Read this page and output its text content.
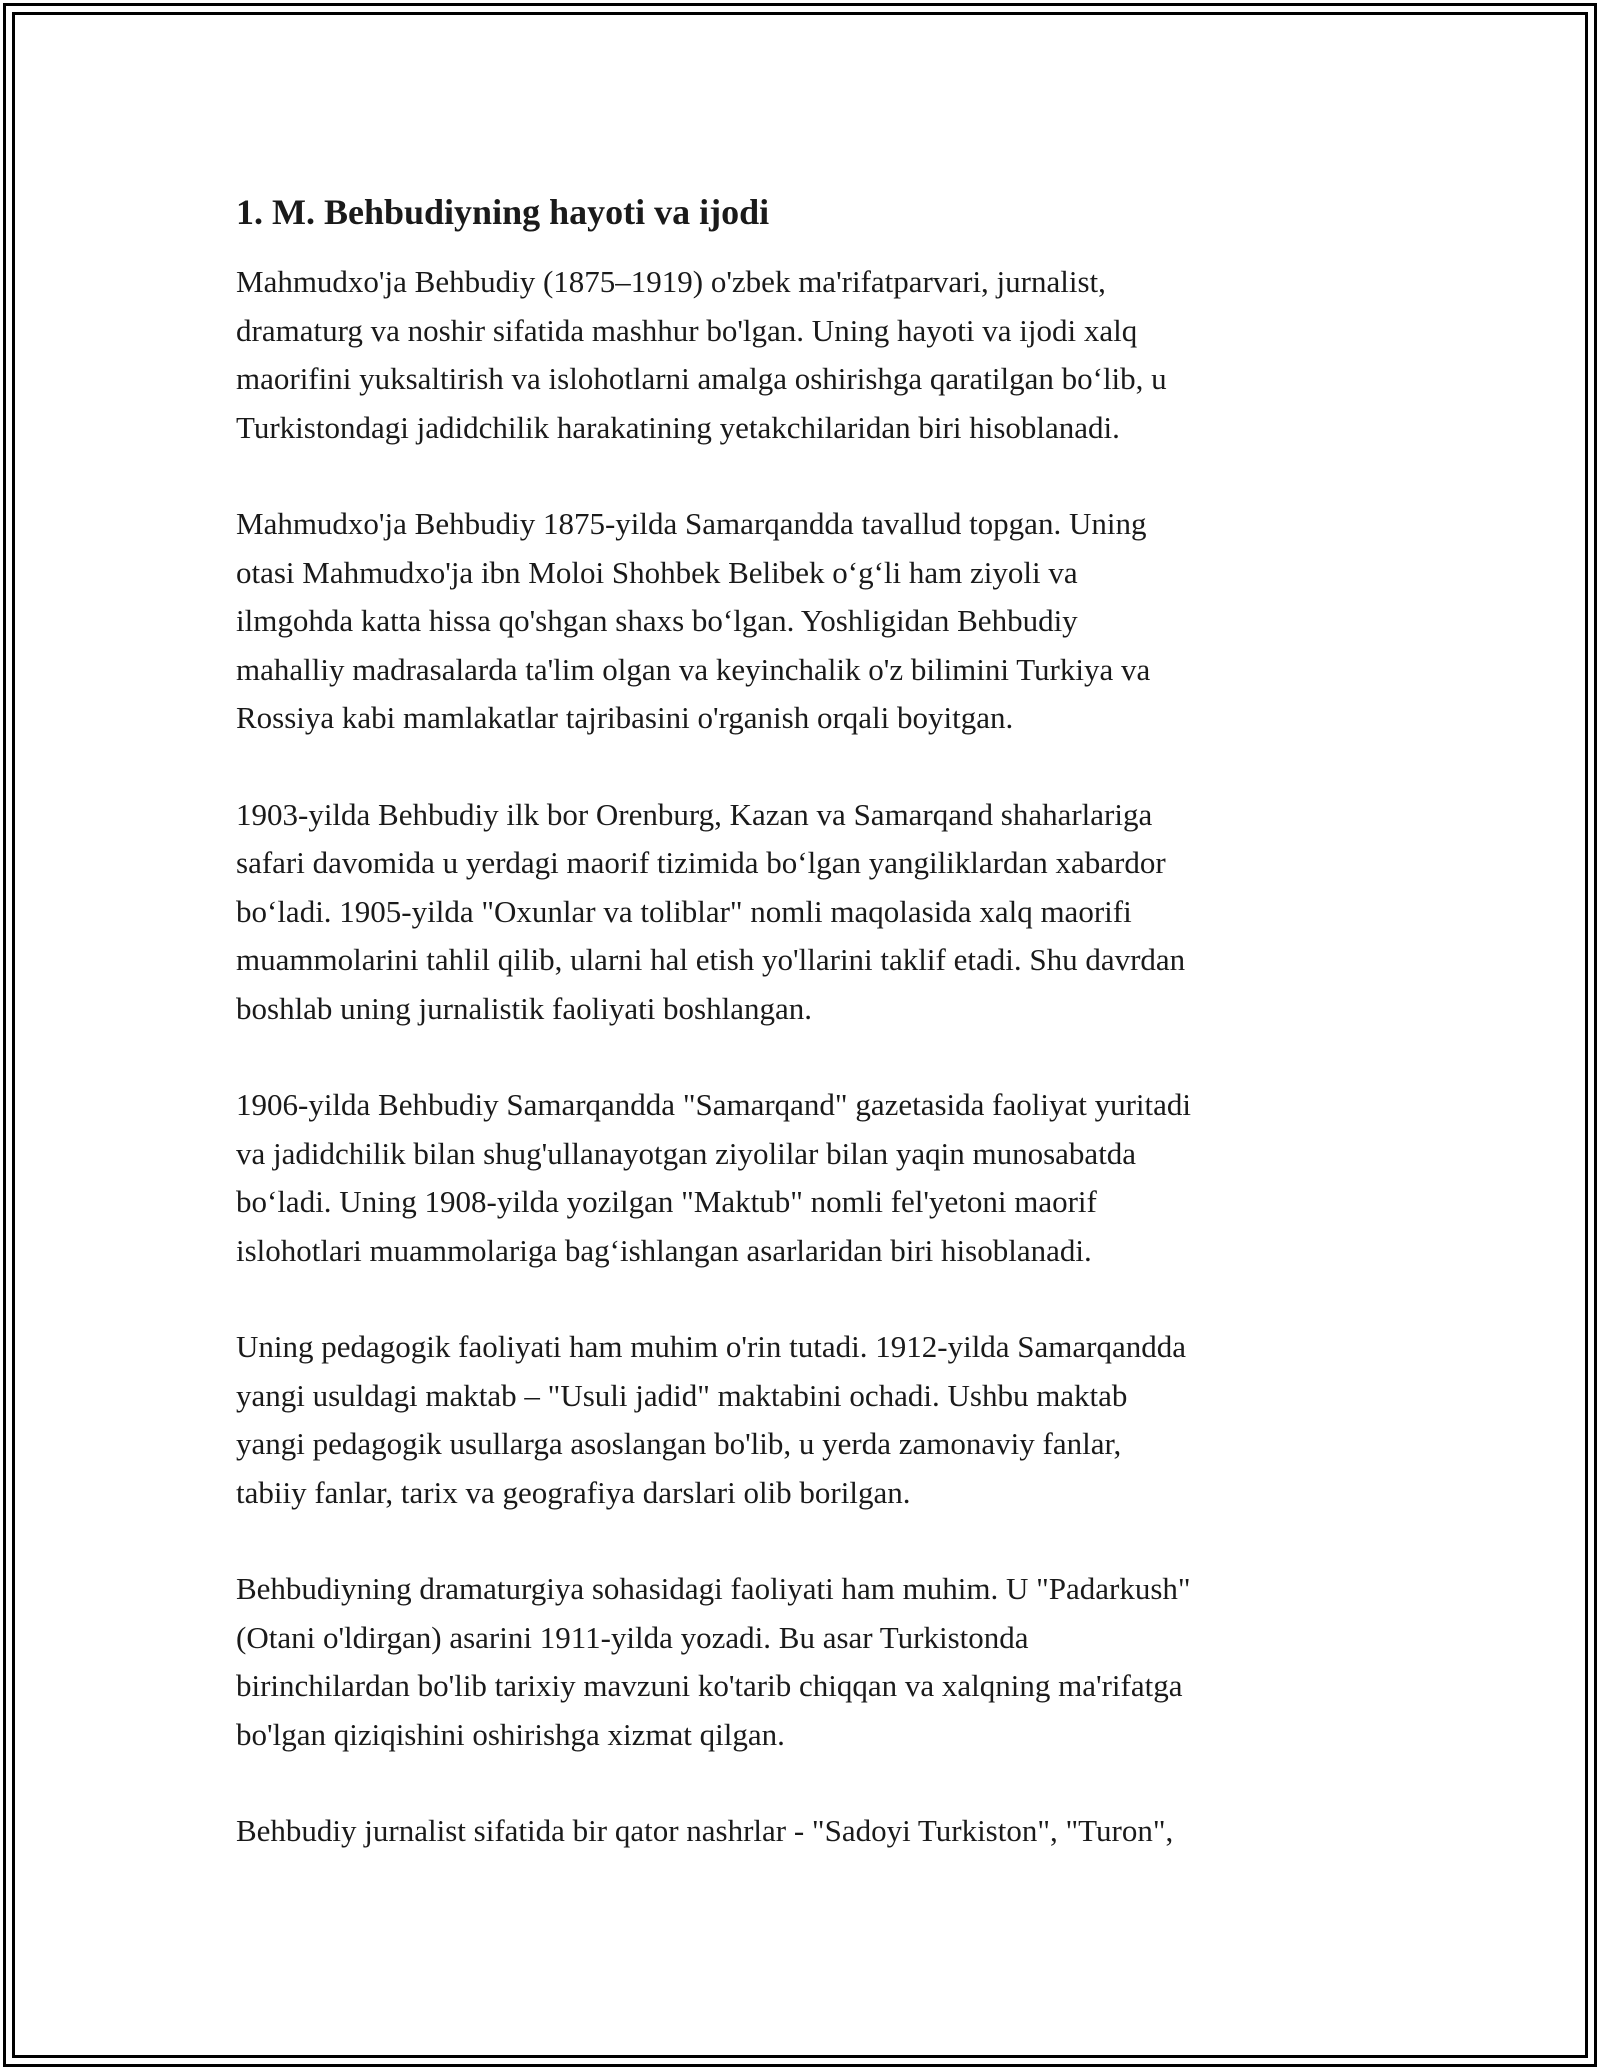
1. M. Behbudiyning hayoti va ijodi
Mahmudxo'ja Behbudiy (1875–1919) o'zbek ma'rifatparvari, jurnalist,
dramaturg va noshir sifatida mashhur bo'lgan. Uning hayoti va ijodi xalq
maorifini yuksaltirish va islohotlarni amalga oshirishga qaratilgan boʻlib, u
Turkistondagi jadidchilik harakatining yetakchilaridan biri hisoblanadi.
Mahmudxo'ja Behbudiy 1875-yilda Samarqandda tavallud topgan. Uning
otasi Mahmudxo'ja ibn Moloi Shohbek Belibek oʻgʻli ham ziyoli va
ilmgohda katta hissa qo'shgan shaxs boʻlgan. Yoshligidan Behbudiy
mahalliy madrasalarda ta'lim olgan va keyinchalik o'z bilimini Turkiya va
Rossiya kabi mamlakatlar tajribasini o'rganish orqali boyitgan.
1903-yilda Behbudiy ilk bor Orenburg, Kazan va Samarqand shaharlariga
safari davomida u yerdagi maorif tizimida boʻlgan yangiliklardan xabardor
boʻladi. 1905-yilda "Oxunlar va toliblar" nomli maqolasida xalq maorifi
muammolarini tahlil qilib, ularni hal etish yo'llarini taklif etadi. Shu davrdan
boshlab uning jurnalistik faoliyati boshlangan.
1906-yilda Behbudiy Samarqandda "Samarqand" gazetasida faoliyat yuritadi
va jadidchilik bilan shug'ullanayotgan ziyolilar bilan yaqin munosabatda
boʻladi. Uning 1908-yilda yozilgan "Maktub" nomli fel'yetoni maorif
islohotlari muammolariga bagʻishlangan asarlaridan biri hisoblanadi.
Uning pedagogik faoliyati ham muhim o'rin tutadi. 1912-yilda Samarqandda
yangi usuldagi maktab – "Usuli jadid" maktabini ochadi. Ushbu maktab
yangi pedagogik usullarga asoslangan bo'lib, u yerda zamonaviy fanlar,
tabiiy fanlar, tarix va geografiya darslari olib borilgan.
Behbudiyning dramaturgiya sohasidagi faoliyati ham muhim. U "Padarkush"
(Otani o'ldirgan) asarini 1911-yilda yozadi. Bu asar Turkistonda
birinchilardan bo'lib tarixiy mavzuni ko'tarib chiqqan va xalqning ma'rifatga
bo'lgan qiziqishini oshirishga xizmat qilgan.
Behbudiy jurnalist sifatida bir qator nashrlar - "Sadoyi Turkiston", "Turon",
